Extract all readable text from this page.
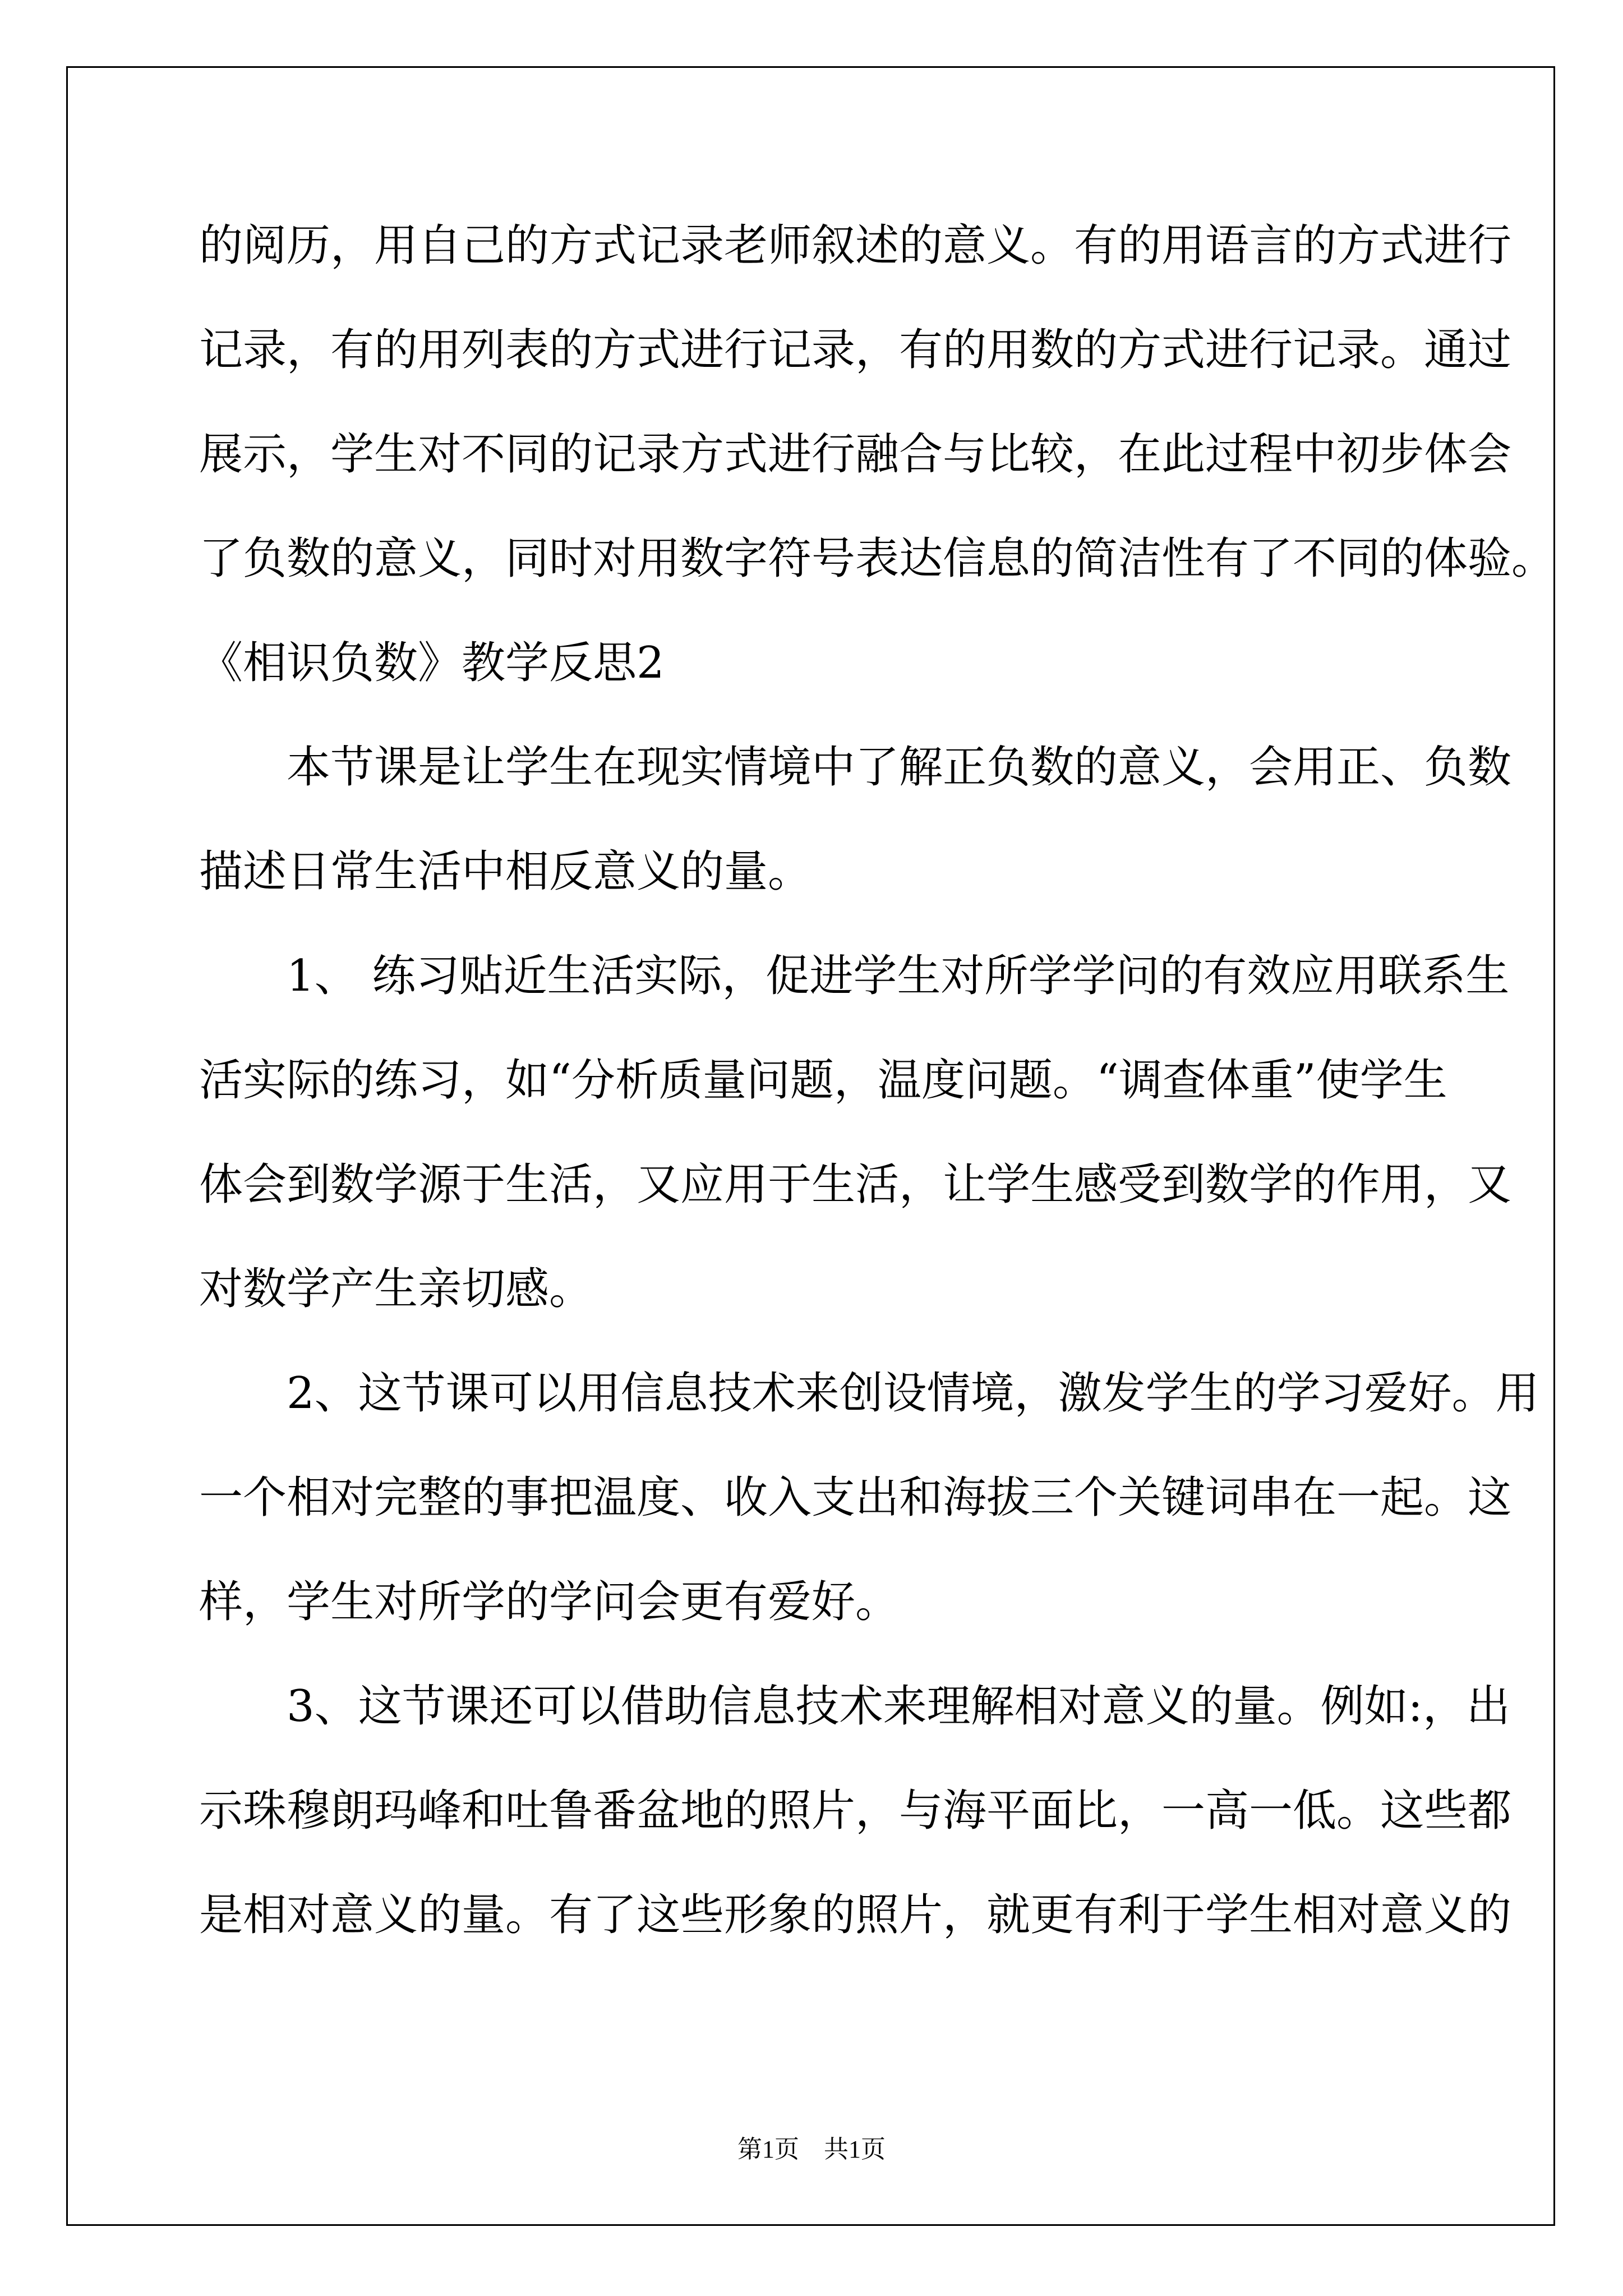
的阅历，用自己的方式记录老师叙述的意义。有的用语言的方式进行
记录，有的用列表的方式进行记录，有的用数的方式进行记录。通过
展示，学生对不同的记录方式进行融合与比较，在此过程中初步体会
了负数的意义，同时对用数字符号表达信息的简洁性有了不同的体验。
《相识负数》教学反思2
　　本节课是让学生在现实情境中了解正负数的意义，会用正、负数
描述日常生活中相反意义的量。
　　1、 练习贴近生活实际，促进学生对所学学问的有效应用联系生
活实际的练习，如“分析质量问题，温度问题。“调查体重”使学生
体会到数学源于生活，又应用于生活，让学生感受到数学的作用，又
对数学产生亲切感。
　　2、这节课可以用信息技术来创设情境，激发学生的学习爱好。用
一个相对完整的事把温度、收入支出和海拔三个关键词串在一起。这
样，学生对所学的学问会更有爱好。
　　3、这节课还可以借助信息技术来理解相对意义的量。例如:，出
示珠穆朗玛峰和吐鲁番盆地的照片，与海平面比，一高一低。这些都
是相对意义的量。有了这些形象的照片，就更有利于学生相对意义的
第1页　共1页
